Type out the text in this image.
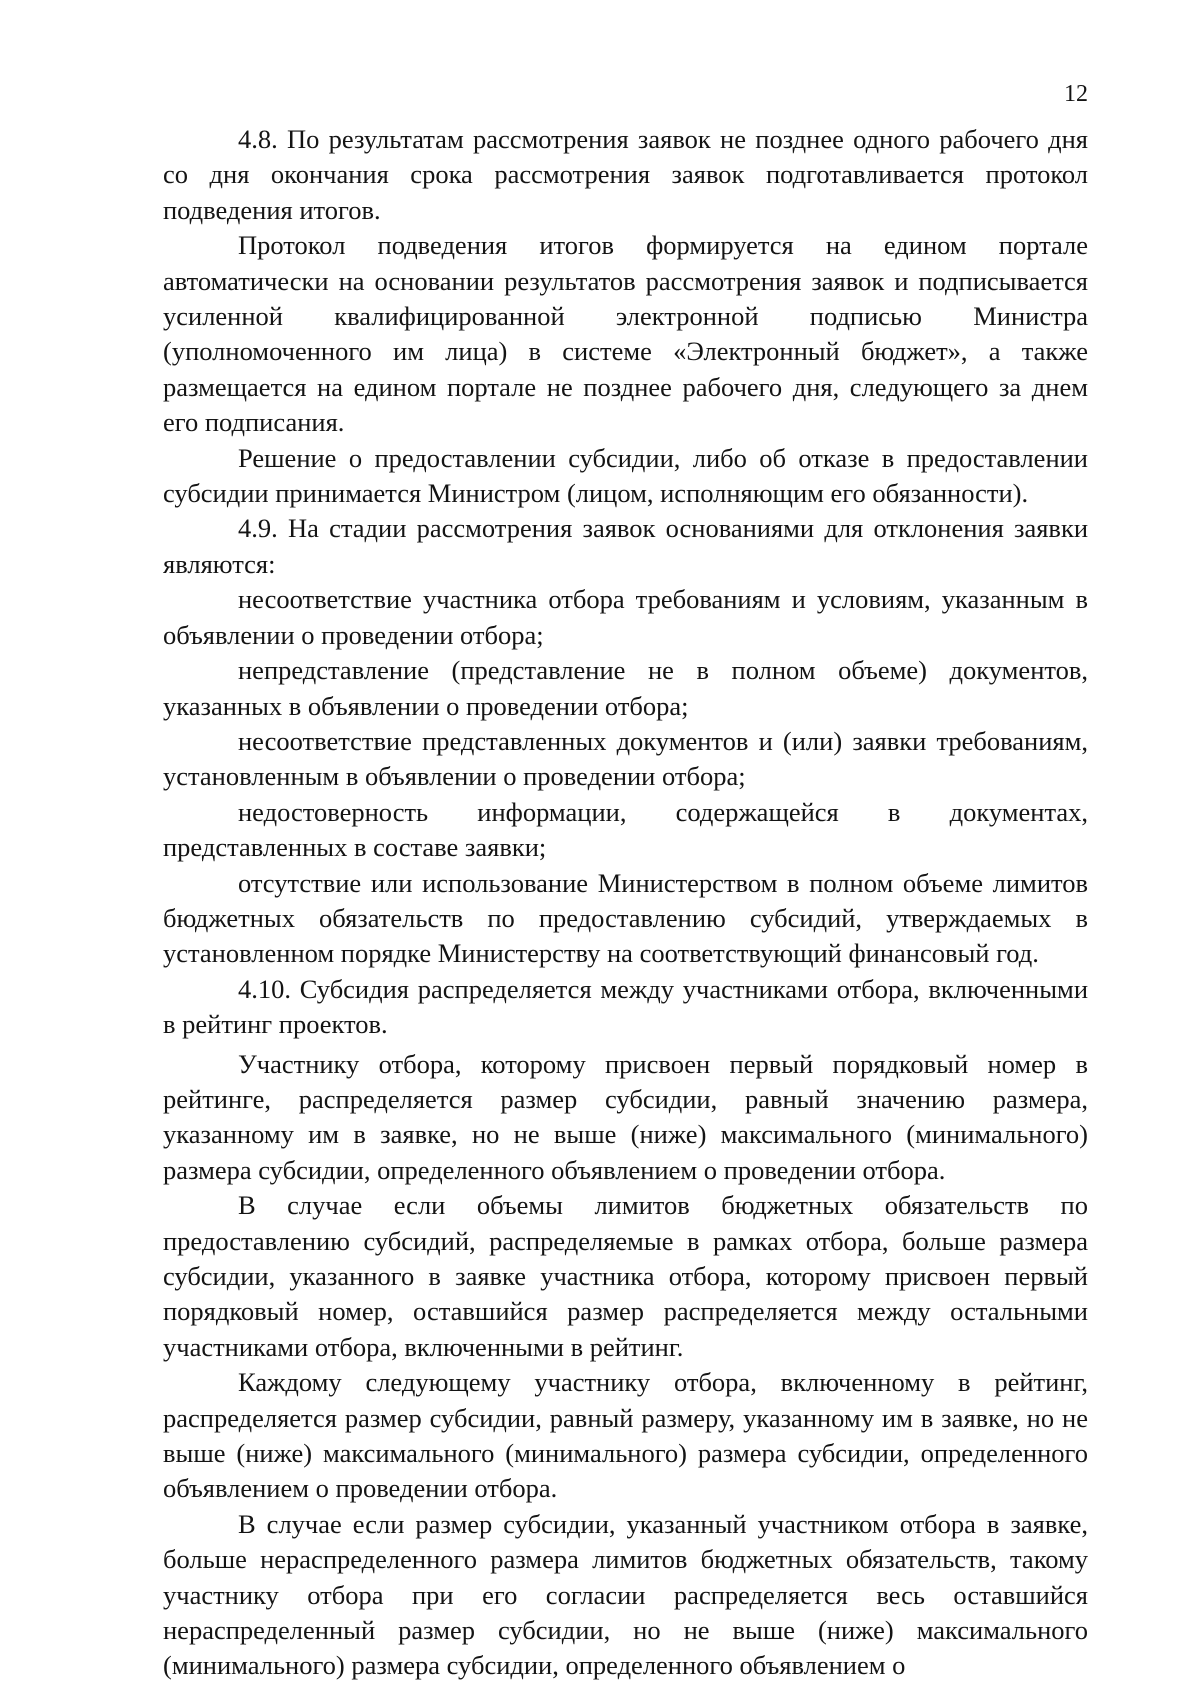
12

4.8. По результатам рассмотрения заявок не позднее одного рабочего дня со дня окончания срока рассмотрения заявок подготавливается протокол подведения итогов.

Протокол подведения итогов формируется на едином портале автоматически на основании результатов рассмотрения заявок и подписывается усиленной квалифицированной электронной подписью Министра (уполномоченного им лица) в системе «Электронный бюджет», а также размещается на едином портале не позднее рабочего дня, следующего за днем его подписания.

Решение о предоставлении субсидии, либо об отказе в предоставлении субсидии принимается Министром (лицом, исполняющим его обязанности).

4.9. На стадии рассмотрения заявок основаниями для отклонения заявки являются:

несоответствие участника отбора требованиям и условиям, указанным в объявлении о проведении отбора;

непредставление (представление не в полном объеме) документов, указанных в объявлении о проведении отбора;

несоответствие представленных документов и (или) заявки требованиям, установленным в объявлении о проведении отбора;

недостоверность информации, содержащейся в документах, представленных в составе заявки;

отсутствие или использование Министерством в полном объеме лимитов бюджетных обязательств по предоставлению субсидий, утверждаемых в установленном порядке Министерству на соответствующий финансовый год.

4.10. Субсидия распределяется между участниками отбора, включенными в рейтинг проектов.

Участнику отбора, которому присвоен первый порядковый номер в рейтинге, распределяется размер субсидии, равный значению размера, указанному им в заявке, но не выше (ниже) максимального (минимального) размера субсидии, определенного объявлением о проведении отбора.

В случае если объемы лимитов бюджетных обязательств по предоставлению субсидий, распределяемые в рамках отбора, больше размера субсидии, указанного в заявке участника отбора, которому присвоен первый порядковый номер, оставшийся размер распределяется между остальными участниками отбора, включенными в рейтинг.

Каждому следующему участнику отбора, включенному в рейтинг, распределяется размер субсидии, равный размеру, указанному им в заявке, но не выше (ниже) максимального (минимального) размера субсидии, определенного объявлением о проведении отбора.

В случае если размер субсидии, указанный участником отбора в заявке, больше нераспределенного размера лимитов бюджетных обязательств, такому участнику отбора при его согласии распределяется весь оставшийся нераспределенный размер субсидии, но не выше (ниже) максимального (минимального) размера субсидии, определенного объявлением о
